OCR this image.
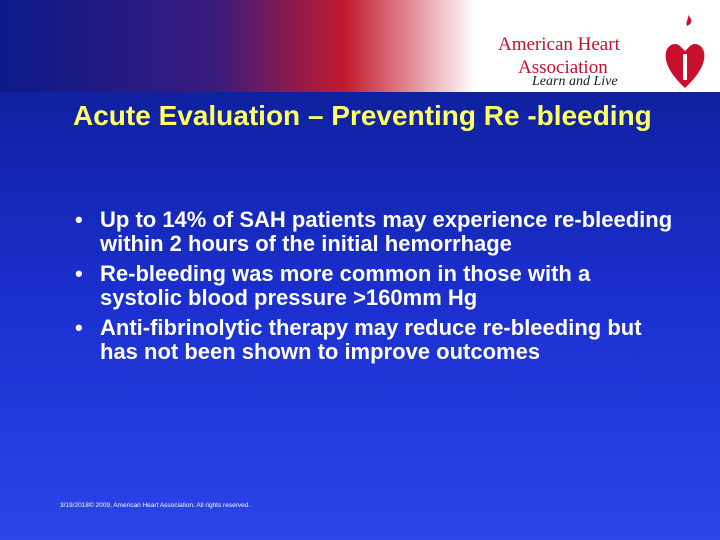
American Heart
Association
Learn and Live
Acute Evaluation – Preventing Re -bleeding
• Up to 14% of SAH patients may experience re-bleeding within 2 hours of the initial hemorrhage
• Re-bleeding was more common in those with a systolic blood pressure >160mm Hg
• Anti-fibrinolytic therapy may reduce re-bleeding but has not been shown to improve outcomes
3/19/2018© 2009, American Heart Association. All rights reserved.
